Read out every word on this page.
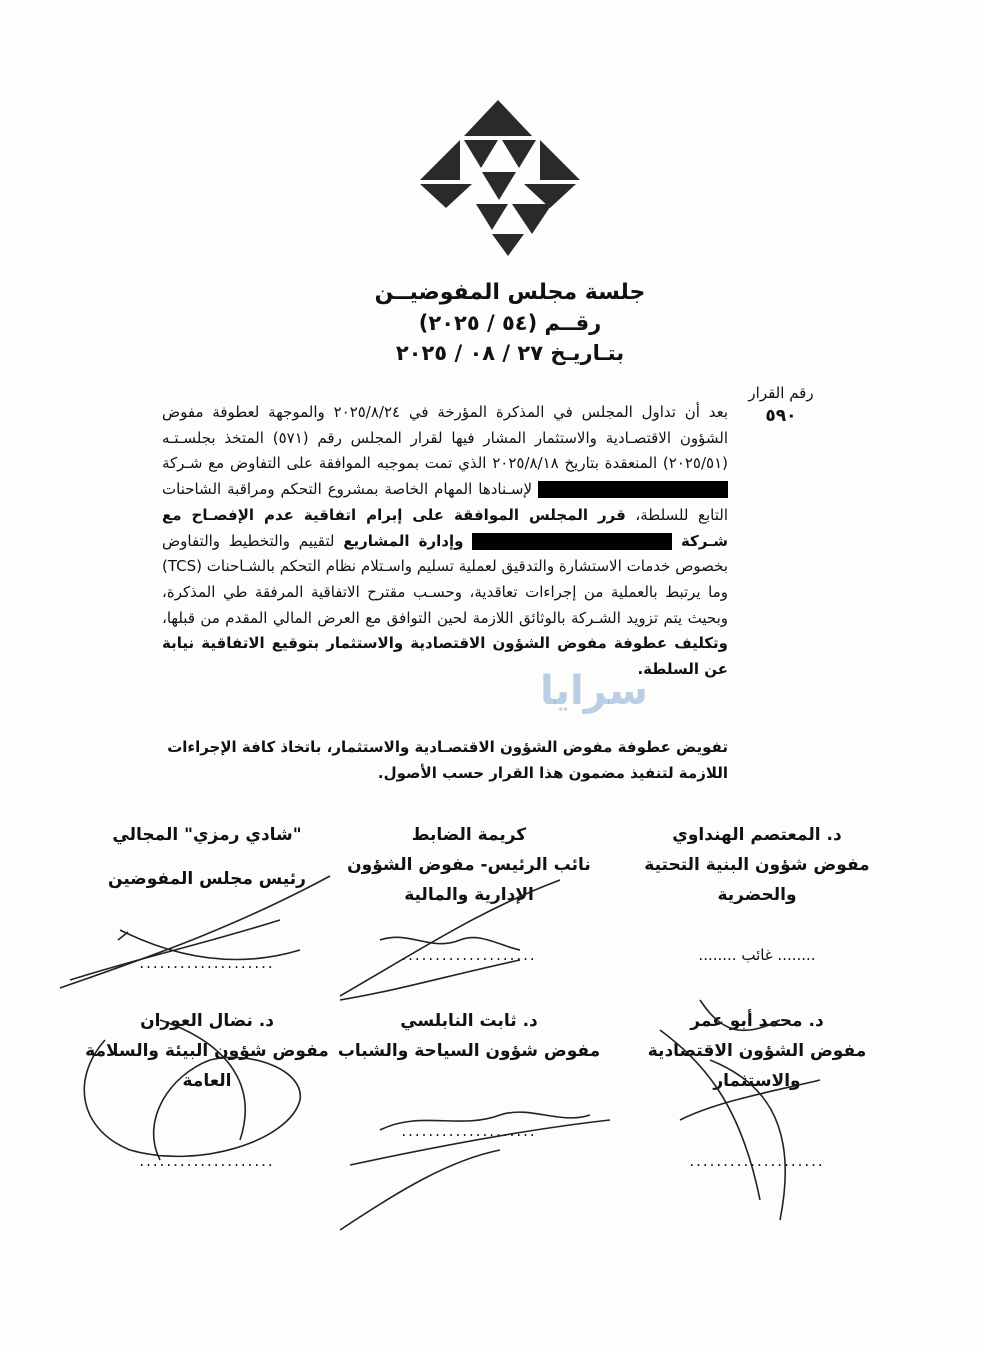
جلسة مجلس المفوضيــن
رقــم (٥٤ / ٢٠٢٥)
بتـاريـخ ٢٧ / ٠٨ / ٢٠٢٥
رقم القرار
٥٩٠
بعد أن تداول المجلس في المذكرة المؤرخة في ٢٠٢٥/٨/٢٤ والموجهة لعطوفة مفوض الشؤون الاقتصـادية والاستثمار المشار فيها لقرار المجلس رقم (٥٧١) المتخذ بجلسـتـه (٢٠٢٥/٥١) المنعقدة بتاريخ ٢٠٢٥/٨/١٨ الذي تمت بموجبه الموافقة على التفاوض مع شـركة  لإسـنادها المهام الخاصة بمشروع التحكم ومراقبة الشاحنات التابع للسلطة، قرر المجلس الموافقة على إبرام اتفاقية عدم الإفصـاح مع شـركة  وإدارة المشاريع لتقييم والتخطيط والتفاوض بخصوص خدمات الاستشارة والتدقيق لعملية تسليم واسـتلام نظام التحكم بالشـاحنات (TCS) وما يرتبط بالعملية من إجراءات تعاقدية، وحسـب مقترح الاتفاقية المرفقة طي المذكرة، وبحيث يتم تزويد الشـركة بالوثائق اللازمة لحين التوافق مع العرض المالي المقدم من قبلها، وتكليف عطوفة مفوض الشؤون الاقتصادية والاستثمار بتوقيع الاتفاقية نيابة عن السلطة.
تفويض عطوفة مفوض الشؤون الاقتصـادية والاستثمار، باتخاذ كافة الإجراءات اللازمة لتنفيذ مضمون هذا القرار حسب الأصول.
"شادي رمزي" المجالي
رئيس مجلس المفوضين
....................
كريمة الضابط
نائب الرئيس- مفوض الشؤون الإدارية والمالية
....................
د. المعتصم الهنداوي
مفوض شؤون البنية التحتية والحضرية
........ غائب ........
د. نضال العوران
مفوض شؤون البيئة والسلامة العامة
....................
د. ثابت النابلسي
مفوض شؤون السياحة والشباب
....................
د. محمد أبو عمر
مفوض الشؤون الاقتصادية والاستثمار
....................
سرايا
